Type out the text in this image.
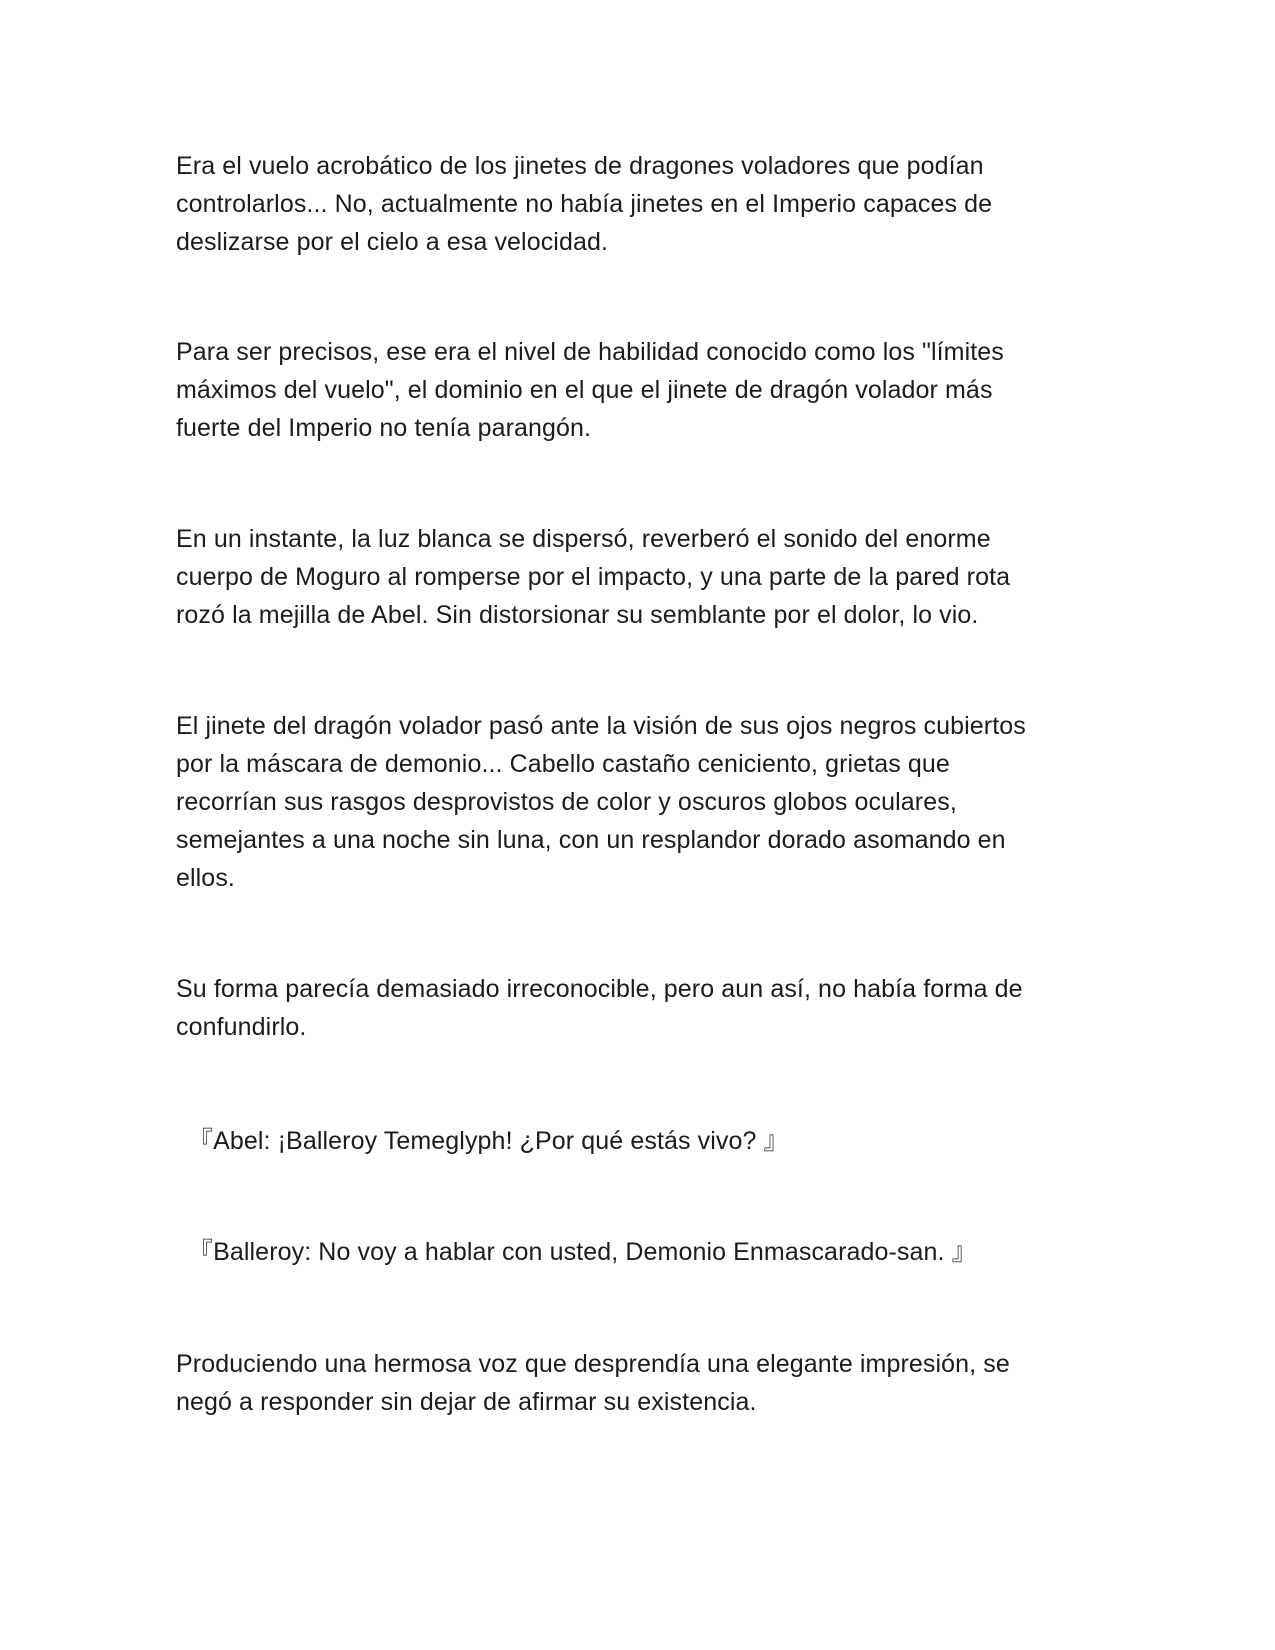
Era el vuelo acrobático de los jinetes de dragones voladores que podían
controlarlos... No, actualmente no había jinetes en el Imperio capaces de
deslizarse por el cielo a esa velocidad.

Para ser precisos, ese era el nivel de habilidad conocido como los "límites
máximos del vuelo", el dominio en el que el jinete de dragón volador más
fuerte del Imperio no tenía parangón.

En un instante, la luz blanca se dispersó, reverberó el sonido del enorme
cuerpo de Moguro al romperse por el impacto, y una parte de la pared rota
rozó la mejilla de Abel. Sin distorsionar su semblante por el dolor, lo vio.

El jinete del dragón volador pasó ante la visión de sus ojos negros cubiertos
por la máscara de demonio... Cabello castaño ceniciento, grietas que
recorrían sus rasgos desprovistos de color y oscuros globos oculares,
semejantes a una noche sin luna, con un resplandor dorado asomando en
ellos.

Su forma parecía demasiado irreconocible, pero aun así, no había forma de
confundirlo.

『Abel: ¡Balleroy Temeglyph! ¿Por qué estás vivo? 』

『Balleroy: No voy a hablar con usted, Demonio Enmascarado-san. 』

Produciendo una hermosa voz que desprendía una elegante impresión, se
negó a responder sin dejar de afirmar su existencia.
